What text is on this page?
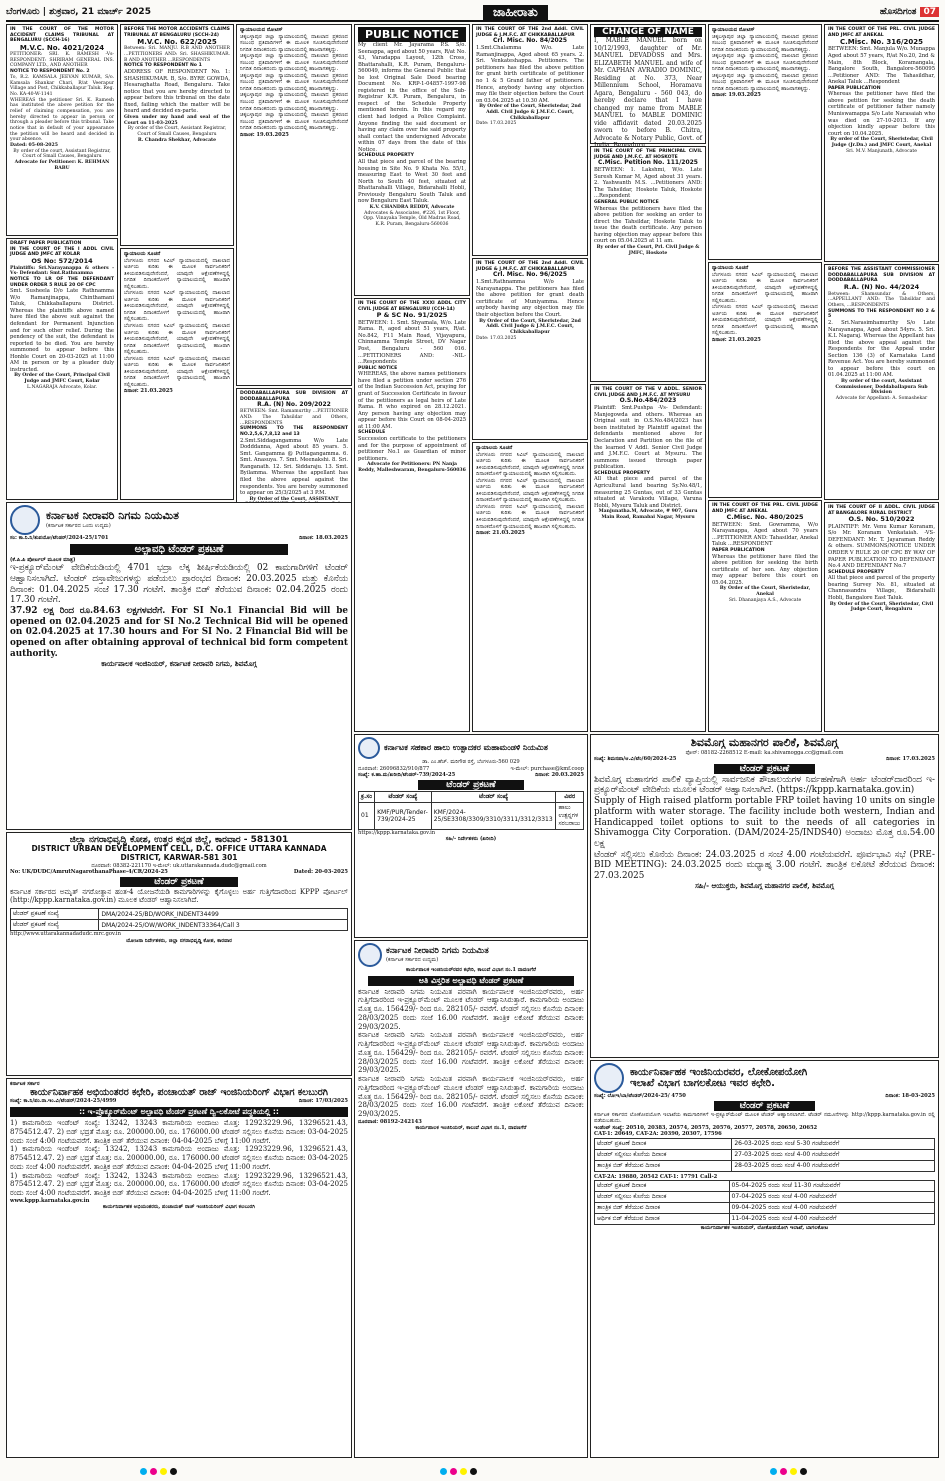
ಬೆಂಗಳೂರು | ಶುಕ್ರವಾರ, 21 ಮಾರ್ಚ್ 2025	ಜಾಹೀರಾತು	ಹೊಸದಿಗಂತ 07
IN THE COURT OF THE MOTOR ACCIDENT CLAIMS TRIBUNAL AT BENGALURU (SCCH-16)
M.V.C. No. 4021/2024
PETITIONER: SRI. K. RAMESH -Vs- RESPONDENT: SHRIRAM GENERAL INS. COMPANY LTD., AND ANOTHER
NOTICE TO RESPONDENT No. 2
To, R.2. KAMSALA JEEVAN KUMAR, S/o. Kamsala Shankar Chari, R/at Veerapur Village and Post, Chikkaballapur Taluk. Reg. No. KA-40-W-1141
WHEREAS the petitioner Sri. K. Ramesh has instituted the above petition for the relief of claiming compensation, you are hereby directed to appear in person or through a pleader before this tribunal. Take notice that in default of your appearance the petition will be heard and decided in your absence.
Dated: 05-08-2025
By order of the court, Assistant Registrar, Court of Small Causes, Bengaluru
Advocate for Petitioner: K. REHMAN BABU
DRAFT PAPER PUBLICATION
IN THE COURT OF THE I ADDL CIVIL JUDGE AND JMFC AT KOLAR
OS No: 572/2014
Plaintiffs: Sri.Narayanappa & others -Vs- Defendant: Smt.Rathnamma
NOTICE TO LR OF THE DEFENDANT UNDER ORDER 5 RULE 20 OF CPC
Smt. Susheela D/o Late Rathnamma W/o Ramanjinappa, Chinthamani Taluk, Chikkaballapura District. Whereas the plaintiffs above named have filed the above suit against the defendant for Permanent Injunction and for such other relief. During the pendency of the suit, the defendant is reported to be died. You are hereby summoned to appear before this Honble Court on 20-03-2025 at 11:00 AM in person or by a pleader duly instructed.
By Order of the Court, Principal Civil Judge and JMFC Court, Kolar
L.NAGARAJA Advocate, Kolar.
BEFORE THE MOTOR ACCIDENTS CLAIMS TRIBUNAL AT BENGALURU (SCCH-24)
M.V.C. No. 622/2025
Between: Sri. MANJU. R.B AND ANOTHER ...PETITIONERS AND: Sri. SHASHIKUMAR. B AND ANOTHER ...RESPONDENTS
NOTICE TO RESPONDENT No 1
ADDRESS OF RESPONDENT No. 1: SHASHIKUMAR. B, S/o. BYRE GOWDA, Hesaraghatta Road, Bengaluru. Take notice that you are hereby directed to appear before this tribunal on the date fixed, failing which the matter will be heard and decided ex-parte.
Given under my hand and seal of the Court on 11-03-2025
By order of the Court, Assistant Registrar, Court of Small Causes, Bengaluru
R. Chandra Shekhar, Advocate
ನ್ಯಾಯಾಲಯ ಸೂಚನೆ
ಬೆಂಗಳೂರು ನಗರದ ಸಿವಿಲ್ ನ್ಯಾಯಾಲಯದಲ್ಲಿ ದಾಖಲಾದ ಅರ್ಜಿಯ ಕುರಿತು ಈ ಮೂಲಕ ಸಾರ್ವಜನಿಕರಿಗೆ ತಿಳಿಯಪಡಿಸುವುದೇನೆಂದರೆ, ಯಾವುದೇ ಆಕ್ಷೇಪಣೆಗಳಿದ್ದಲ್ಲಿ ನಿಗದಿತ ದಿನಾಂಕದೊಳಗೆ ನ್ಯಾಯಾಲಯದಲ್ಲಿ ಹಾಜರಾಗಿ ಸಲ್ಲಿಸಬಹುದು.
ಬೆಂಗಳೂರು ನಗರದ ಸಿವಿಲ್ ನ್ಯಾಯಾಲಯದಲ್ಲಿ ದಾಖಲಾದ ಅರ್ಜಿಯ ಕುರಿತು ಈ ಮೂಲಕ ಸಾರ್ವಜನಿಕರಿಗೆ ತಿಳಿಯಪಡಿಸುವುದೇನೆಂದರೆ, ಯಾವುದೇ ಆಕ್ಷೇಪಣೆಗಳಿದ್ದಲ್ಲಿ ನಿಗದಿತ ದಿನಾಂಕದೊಳಗೆ ನ್ಯಾಯಾಲಯದಲ್ಲಿ ಹಾಜರಾಗಿ ಸಲ್ಲಿಸಬಹುದು.
ಬೆಂಗಳೂರು ನಗರದ ಸಿವಿಲ್ ನ್ಯಾಯಾಲಯದಲ್ಲಿ ದಾಖಲಾದ ಅರ್ಜಿಯ ಕುರಿತು ಈ ಮೂಲಕ ಸಾರ್ವಜನಿಕರಿಗೆ ತಿಳಿಯಪಡಿಸುವುದೇನೆಂದರೆ, ಯಾವುದೇ ಆಕ್ಷೇಪಣೆಗಳಿದ್ದಲ್ಲಿ ನಿಗದಿತ ದಿನಾಂಕದೊಳಗೆ ನ್ಯಾಯಾಲಯದಲ್ಲಿ ಹಾಜರಾಗಿ ಸಲ್ಲಿಸಬಹುದು.
ಬೆಂಗಳೂರು ನಗರದ ಸಿವಿಲ್ ನ್ಯಾಯಾಲಯದಲ್ಲಿ ದಾಖಲಾದ ಅರ್ಜಿಯ ಕುರಿತು ಈ ಮೂಲಕ ಸಾರ್ವಜನಿಕರಿಗೆ ತಿಳಿಯಪಡಿಸುವುದೇನೆಂದರೆ, ಯಾವುದೇ ಆಕ್ಷೇಪಣೆಗಳಿದ್ದಲ್ಲಿ ನಿಗದಿತ ದಿನಾಂಕದೊಳಗೆ ನ್ಯಾಯಾಲಯದಲ್ಲಿ ಹಾಜರಾಗಿ ಸಲ್ಲಿಸಬಹುದು.
ದಿನಾಂಕ: 21.03.2025
ನ್ಯಾಯಾಲಯದ ನೋಟಿಸ್
ಚಿಕ್ಕಬಳ್ಳಾಪುರ ಜಿಲ್ಲಾ ನ್ಯಾಯಾಲಯದಲ್ಲಿ ದಾಖಲಾದ ಪ್ರಕರಣದ ಸಂಬಂಧ ಪ್ರತಿವಾದಿಗಳಿಗೆ ಈ ಮೂಲಕ ಸೂಚಿಸುವುದೇನೆಂದರೆ ನಿಗದಿತ ದಿನಾಂಕದಂದು ನ್ಯಾಯಾಲಯದಲ್ಲಿ ಹಾಜರಾಗತಕ್ಕದ್ದು.
ಚಿಕ್ಕಬಳ್ಳಾಪುರ ಜಿಲ್ಲಾ ನ್ಯಾಯಾಲಯದಲ್ಲಿ ದಾಖಲಾದ ಪ್ರಕರಣದ ಸಂಬಂಧ ಪ್ರತಿವಾದಿಗಳಿಗೆ ಈ ಮೂಲಕ ಸೂಚಿಸುವುದೇನೆಂದರೆ ನಿಗದಿತ ದಿನಾಂಕದಂದು ನ್ಯಾಯಾಲಯದಲ್ಲಿ ಹಾಜರಾಗತಕ್ಕದ್ದು.
ಚಿಕ್ಕಬಳ್ಳಾಪುರ ಜಿಲ್ಲಾ ನ್ಯಾಯಾಲಯದಲ್ಲಿ ದಾಖಲಾದ ಪ್ರಕರಣದ ಸಂಬಂಧ ಪ್ರತಿವಾದಿಗಳಿಗೆ ಈ ಮೂಲಕ ಸೂಚಿಸುವುದೇನೆಂದರೆ ನಿಗದಿತ ದಿನಾಂಕದಂದು ನ್ಯಾಯಾಲಯದಲ್ಲಿ ಹಾಜರಾಗತಕ್ಕದ್ದು.
ಚಿಕ್ಕಬಳ್ಳಾಪುರ ಜಿಲ್ಲಾ ನ್ಯಾಯಾಲಯದಲ್ಲಿ ದಾಖಲಾದ ಪ್ರಕರಣದ ಸಂಬಂಧ ಪ್ರತಿವಾದಿಗಳಿಗೆ ಈ ಮೂಲಕ ಸೂಚಿಸುವುದೇನೆಂದರೆ ನಿಗದಿತ ದಿನಾಂಕದಂದು ನ್ಯಾಯಾಲಯದಲ್ಲಿ ಹಾಜರಾಗತಕ್ಕದ್ದು.
ಚಿಕ್ಕಬಳ್ಳಾಪುರ ಜಿಲ್ಲಾ ನ್ಯಾಯಾಲಯದಲ್ಲಿ ದಾಖಲಾದ ಪ್ರಕರಣದ ಸಂಬಂಧ ಪ್ರತಿವಾದಿಗಳಿಗೆ ಈ ಮೂಲಕ ಸೂಚಿಸುವುದೇನೆಂದರೆ ನಿಗದಿತ ದಿನಾಂಕದಂದು ನ್ಯಾಯಾಲಯದಲ್ಲಿ ಹಾಜರಾಗತಕ್ಕದ್ದು.
ದಿನಾಂಕ: 19.03.2025
DODDABALLAPURA SUB DIVISION AT DODDABALLAPURA
R.A. (N) No. 209/2022
BETWEEN: Smt. Ramamurthy ...PETITIONER AND: The Tahsildar and Others, ...RESPONDENTS
SUMMONS TO THE RESPONDENT NO.2,5,6,7,8,12 and 13
2.Smt.Siddagangamma W/o Late Dodddanna, Aged about 85 years. 5. Smt. Gangamma @ Puttagangamma. 6. Smt. Anasuya. 7. Smt. Meenakshi. 8. Sri. Ranganath. 12. Sri. Siddaraju. 13. Smt. Byilamma. Whereas the appellant has filed the above appeal against the respondents. You are hereby summoned to appear on 25/3/2025 at 3 P.M.
By Order of the Court, ASSISTANT
PUBLIC NOTICE
My client Mr. Jayarama P.S. S/o. Seenappa, aged about 50 years, R/at No. 43, Varadappa Layout, 12th Cross, Bhattarahalli, K.R. Puram, Bengaluru-560049, informs the General Public that he lost Original Sale Deed bearing Document No. KRP-1-04857-1997-98 registered in the office of the Sub-Registrar K.R. Puram, Bengaluru, in respect of the Schedule Property mentioned herein. In this regard my client had lodged a Police Complaint. Anyone finding the said document or having any claim over the said property shall contact the undersigned Advocate within 07 days from the date of this Notice.
SCHEDULE PROPERTY
All that piece and parcel of the bearing housing in Site No. 9 Khata No. 55/1, measuring East to West 30 feet and North to South 40 feet, situated at Bhattarahalli Village, Bidarahalli Hobli, Previously Bengaluru South Taluk and now Bengaluru East Taluk.
K.V. CHANDRA REDDY, Advocate
Advocates & Associates, #226, 1st Floor, Opp. Vinayaka Temple, Old Madras Road, K.R. Puram, Bengaluru-560036
IN THE COURT OF THE XXXI ADDL CITY CIVIL JUDGE AT BENGALURU (CCH-14)
P & SC No. 91/2025
BETWEEN: 1. Smt. Shyamala, W/o. Late Rama. R, aged about 51 years, R/at. No.842, F11 Main Road, Vijayapura, Chinnamma Temple Street, DV Nagar Post, Bengaluru - 560 016. ...PETITIONERS AND: -NIL- ...Respondents
PUBLIC NOTICE
WHEREAS, the above names petitioners have filed a petition under section 276 of the Indian Succession Act, praying for grant of Succession Certificate in favour of the petitioners as legal heirs of Late Rama. R who expired on 28.12.2021. Any person having any objection may appear before this Court on 08-04-2025 at 11:00 AM.
SCHEDULE
Succession certificate to the petitioners and for the purpose of appointment of petitioner No.1 as Guardian of minor petitioners.
Advocate for Petitioners: PN Nanja Reddy, Malleshwaram, Bengaluru-560036
IN THE COURT OF THE 2nd Addl. CIVIL JUDGE & J.M.F.C. AT CHIKKABALLAPUR
Crl. Misc. No. 84/2025
1.Smt.Chalamma W/o. Late Ramanjinappa, Aged about 65 years. 2. Sri. Venkateshappa. Petitioners. The petitioners has filed the above petition for grant birth certificate of petitioner no 1 & 5 Grand father of petitioners. Hence, anybody having any objection may file their objection before the Court on 03.04.2025 at 10.30 AM.
By Order of the Court, Sheristedar, 2nd Addl. Civil Judge & J.M.F.C. Court, Chikkaballapur
Date: 17.03.2025
IN THE COURT OF THE 2nd Addl. CIVIL JUDGE & J.M.F.C. AT CHIKKABALLAPUR
Crl. Misc. No. 96/2025
1.Smt.Rathnamma W/o Late Narayanappa. The petitioners has filed the above petition for grant death certificate of Muniyamma. Hence anybody having any objection may file their objection before the Court.
By Order of the Court, Sheristedar, 2nd Addl. Civil Judge & J.M.F.C. Court, Chikkaballapur
Date: 17.03.2025
ನ್ಯಾಯಾಲಯ ಸೂಚನೆ
ಬೆಂಗಳೂರು ನಗರದ ಸಿವಿಲ್ ನ್ಯಾಯಾಲಯದಲ್ಲಿ ದಾಖಲಾದ ಅರ್ಜಿಯ ಕುರಿತು ಈ ಮೂಲಕ ಸಾರ್ವಜನಿಕರಿಗೆ ತಿಳಿಯಪಡಿಸುವುದೇನೆಂದರೆ, ಯಾವುದೇ ಆಕ್ಷೇಪಣೆಗಳಿದ್ದಲ್ಲಿ ನಿಗದಿತ ದಿನಾಂಕದೊಳಗೆ ನ್ಯಾಯಾಲಯದಲ್ಲಿ ಹಾಜರಾಗಿ ಸಲ್ಲಿಸಬಹುದು.
ಬೆಂಗಳೂರು ನಗರದ ಸಿವಿಲ್ ನ್ಯಾಯಾಲಯದಲ್ಲಿ ದಾಖಲಾದ ಅರ್ಜಿಯ ಕುರಿತು ಈ ಮೂಲಕ ಸಾರ್ವಜನಿಕರಿಗೆ ತಿಳಿಯಪಡಿಸುವುದೇನೆಂದರೆ, ಯಾವುದೇ ಆಕ್ಷೇಪಣೆಗಳಿದ್ದಲ್ಲಿ ನಿಗದಿತ ದಿನಾಂಕದೊಳಗೆ ನ್ಯಾಯಾಲಯದಲ್ಲಿ ಹಾಜರಾಗಿ ಸಲ್ಲಿಸಬಹುದು.
ಬೆಂಗಳೂರು ನಗರದ ಸಿವಿಲ್ ನ್ಯಾಯಾಲಯದಲ್ಲಿ ದಾಖಲಾದ ಅರ್ಜಿಯ ಕುರಿತು ಈ ಮೂಲಕ ಸಾರ್ವಜನಿಕರಿಗೆ ತಿಳಿಯಪಡಿಸುವುದೇನೆಂದರೆ, ಯಾವುದೇ ಆಕ್ಷೇಪಣೆಗಳಿದ್ದಲ್ಲಿ ನಿಗದಿತ ದಿನಾಂಕದೊಳಗೆ ನ್ಯಾಯಾಲಯದಲ್ಲಿ ಹಾಜರಾಗಿ ಸಲ್ಲಿಸಬಹುದು.
ದಿನಾಂಕ: 21.03.2025
CHANGE OF NAME
I, MABLE MANUEL born on 10/12/1993, daughter of Mr. MANUEL DEVADOSS and Mrs. ELIZABETH MANUEL and wife of Mr. CAPHAN AVRADIO DOMINIC, Residing at No. 373, Near Millennium School, Horamavu Agara, Bengaluru - 560 043, do hereby declare that I have changed my name from MABLE MANUEL to MABLE DOMINIC vide affidavit dated 20.03.2025 sworn to before B. Chitra, Advocate & Notary Public, Govt. of
IN THE COURT OF THE PRINCIPAL CIVIL JUDGE AND J.M.F.C. AT HOSKOTE
C.Misc. Petition No. 111/2025
BETWEEN: 1. Lakshmi, W/o. Late Suresh Kumar M, Aged about 31 years. 2. Yashwanth M.S. ...Petitioners AND: The Tahsildar, Hoskote Taluk, Hoskote ...Respondent
GENERAL PUBLIC NOTICE
Whereas the petitioners have filed the above petition for seeking an order to direct the Tahsildar, Hoskote Taluk to issue the death certificate. Any person having objection may appear before this court on 05.04.2025 at 11 am.
By order of the Court, Prl. Civil Judge & JMFC, Hoskote
IN THE COURT OF THE V ADDL. SENIOR CIVIL JUDGE AND J.M.F.C. AT MYSURU
O.S.No.484/2023
Plaintiff: Smt.Pushpa -Vs- Defendant: Manjegowda and others. Whereas an Original suit in O.S.No.484/2023 has been instituted by Plaintiff against the defendants mentioned above for Declaration and Partition on the file of the learned V Addl. Senior Civil Judge and J.M.F.C. Court at Mysuru. The summons issued through paper publication.
SCHEDULE PROPERTY
All that piece and parcel of the Agricultural land bearing Sy.No.48/1, measuring 25 Guntas, out of 33 Guntas situated at Varakodu Village, Varuna Hobli, Mysuru Taluk and District.
Manjunatha.M, Advocate, # 907, Guru Main Road, Ramabai Nagar, Mysuru
ನ್ಯಾಯಾಲಯದ ನೋಟಿಸ್
ಚಿಕ್ಕಬಳ್ಳಾಪುರ ಜಿಲ್ಲಾ ನ್ಯಾಯಾಲಯದಲ್ಲಿ ದಾಖಲಾದ ಪ್ರಕರಣದ ಸಂಬಂಧ ಪ್ರತಿವಾದಿಗಳಿಗೆ ಈ ಮೂಲಕ ಸೂಚಿಸುವುದೇನೆಂದರೆ ನಿಗದಿತ ದಿನಾಂಕದಂದು ನ್ಯಾಯಾಲಯದಲ್ಲಿ ಹಾಜರಾಗತಕ್ಕದ್ದು.
ಚಿಕ್ಕಬಳ್ಳಾಪುರ ಜಿಲ್ಲಾ ನ್ಯಾಯಾಲಯದಲ್ಲಿ ದಾಖಲಾದ ಪ್ರಕರಣದ ಸಂಬಂಧ ಪ್ರತಿವಾದಿಗಳಿಗೆ ಈ ಮೂಲಕ ಸೂಚಿಸುವುದೇನೆಂದರೆ ನಿಗದಿತ ದಿನಾಂಕದಂದು ನ್ಯಾಯಾಲಯದಲ್ಲಿ ಹಾಜರಾಗತಕ್ಕದ್ದು.
ಚಿಕ್ಕಬಳ್ಳಾಪುರ ಜಿಲ್ಲಾ ನ್ಯಾಯಾಲಯದಲ್ಲಿ ದಾಖಲಾದ ಪ್ರಕರಣದ ಸಂಬಂಧ ಪ್ರತಿವಾದಿಗಳಿಗೆ ಈ ಮೂಲಕ ಸೂಚಿಸುವುದೇನೆಂದರೆ ನಿಗದಿತ ದಿನಾಂಕದಂದು ನ್ಯಾಯಾಲಯದಲ್ಲಿ ಹಾಜರಾಗತಕ್ಕದ್ದು.
ದಿನಾಂಕ: 19.03.2025
ನ್ಯಾಯಾಲಯ ಸೂಚನೆ
ಬೆಂಗಳೂರು ನಗರದ ಸಿವಿಲ್ ನ್ಯಾಯಾಲಯದಲ್ಲಿ ದಾಖಲಾದ ಅರ್ಜಿಯ ಕುರಿತು ಈ ಮೂಲಕ ಸಾರ್ವಜನಿಕರಿಗೆ ತಿಳಿಯಪಡಿಸುವುದೇನೆಂದರೆ, ಯಾವುದೇ ಆಕ್ಷೇಪಣೆಗಳಿದ್ದಲ್ಲಿ ನಿಗದಿತ ದಿನಾಂಕದೊಳಗೆ ನ್ಯಾಯಾಲಯದಲ್ಲಿ ಹಾಜರಾಗಿ ಸಲ್ಲಿಸಬಹುದು.
ಬೆಂಗಳೂರು ನಗರದ ಸಿವಿಲ್ ನ್ಯಾಯಾಲಯದಲ್ಲಿ ದಾಖಲಾದ ಅರ್ಜಿಯ ಕುರಿತು ಈ ಮೂಲಕ ಸಾರ್ವಜನಿಕರಿಗೆ ತಿಳಿಯಪಡಿಸುವುದೇನೆಂದರೆ, ಯಾವುದೇ ಆಕ್ಷೇಪಣೆಗಳಿದ್ದಲ್ಲಿ ನಿಗದಿತ ದಿನಾಂಕದೊಳಗೆ ನ್ಯಾಯಾಲಯದಲ್ಲಿ ಹಾಜರಾಗಿ ಸಲ್ಲಿಸಬಹುದು.
ದಿನಾಂಕ: 21.03.2025
IN THE COURT OF THE PRL. CIVIL JUDGE AND JMFC AT ANEKAL
C.Misc. No. 480/2025
BETWEEN: Smt. Gowramma, W/o Narayanappa, Aged about 70 years ...PETITIONER AND: Tahasildar, Anekal Taluk ...RESPONDENT
PAPER PUBLICATION
Whereas the petitioner have filed the above petition for seeking the birth certificate of her son. Any objection may appear before this court on 05.04.2025.
By Order of the Court, Sheristedar, Anekal
Sri. Dhananjaya A.S., Advocate
IN THE COURT OF THE PRL. CIVIL JUDGE AND JMFC AT ANEKAL
C.Misc. No. 316/2025
BETWEEN: Smt. Manjula W/o. Munappa Aged about 57 years, R/at No.20, 2nd & Main, 8th Block, Koramangala, Bangalore South, Bangalore-560095 ...Petitioner AND: The Tahasildhar, Anekal Taluk ...Respondent
PAPER PUBLICATION
Whereas the petitioner have filed the above petition for seeking the death certificate of petitioner father namely Muniswamappa S/o Late Narasaiah who was died on 27-10-2013. If any objection kindly appear before this court on 10.04.2025.
By order of the Court, Sheristedar, Civil Judge (Jr.Dn.) and JMFC Court, Anekal
Sri. M.V. Manjunath, Advocate
BEFORE THE ASSISTANT COMMISSIONER DODDABALLAPURA SUB DIVISION AT DODDABALLAPURA
R.A. (N) No. 44/2024
Between: Shamsundar & Others, ...APPELLANT AND: The Tahsildar and Others, ...RESPONDENTS
SUMMONS TO THE RESPONDENT NO 2 & 5
2. Sri.Narasimhamurthy S/o Late Narayanappa, Aged about 54yrs. 5. Sri. K.L Nagaraj. Whereas the Appellant has filed the above appeal against the Respondents for the Appeal under Section 136 (3) of Karnataka Land Revenue Act. You are hereby summoned to appear before this court on 01.04.2025 at 11:00 AM.
By order of the court, Assistant Commissioner, Doddaballapura Sub Division
Advocate for Appellant: A. Somashekar
IN THE COURT OF II ADDL. CIVIL JUDGE AT BANGALORE RURAL DISTRICT
O.S. No. 510/2022
PLAINTIFF: Mr. Venu Kumar Koranam, S/o Mr. Koranam Venkataiah. -VS- DEFENDANT: Mr. T. Jayaraman Reddy & others. SUMMONS/NOTICE UNDER ORDER V RULE 20 OF CPC BY WAY OF PAPER PUBLICATION TO DEFENDANT No.4 AND DEFENDANT No.7
SCHEDULE PROPERTY
All that piece and parcel of the property bearing Survey No. 81, situated at Channasandra Village, Bidarahalli Hobli, Bangalore East Taluk.
By Order of the Court, Sheristedar, Civil Judge Court, Bengaluru
ಕರ್ನಾಟಕ ನೀರಾವರಿ ನಿಗಮ ನಿಯಮಿತ
(ಕರ್ನಾಟಕ ಸರ್ಕಾರದ ಒಂದು ಉದ್ಯಮ)
ಸಂ: ಕಾ.ನಿ.ನಿ/ತುಪಯೋ/ಟೆಂಡರ್/2024-25/1701	ದಿನಾಂಕ: 18.03.2025
ಅಲ್ಪಾವಧಿ ಟೆಂಡರ್ ಪ್ರಕಟಣೆ
(ಕೆ.ಪಿ.ಪಿ ಪೋರ್ಟಲ್ ಮೂಲಕ ಮಾತ್ರ)
ಇ-ಪ್ರಕ್ಯೂರ್‌ಮೆಂಟ್ ವೇದಿಕೆಯಡಿಯಲ್ಲಿ 4701 ಭದ್ರಾ ಲೆಕ್ಕ ಶೀರ್ಷಿಕೆಯಡಿಯಲ್ಲಿ 02 ಕಾಮಗಾರಿಗಳಿಗೆ ಟೆಂಡರ್ ಆಹ್ವಾನಿಸಲಾಗಿದೆ. ಟೆಂಡರ್ ದಸ್ತಾವೇಜುಗಳನ್ನು ಪಡೆಯಲು ಪ್ರಾರಂಭದ ದಿನಾಂಕ: 20.03.2025 ಮತ್ತು ಕೊನೆಯ ದಿನಾಂಕ: 01.04.2025 ಸಂಜೆ 17.30 ಗಂಟೆಗೆ. ತಾಂತ್ರಿಕ ಬಿಡ್ ತೆರೆಯುವ ದಿನಾಂಕ: 02.04.2025 ರಂದು 17.30 ಗಂಟೆಗೆ.
37.92 ಲಕ್ಷ ರಿಂದ ರೂ.84.63 ಲಕ್ಷಗಳವರೆಗೆ. For SI No.1 Financial Bid will be opened on 02.04.2025 and for SI No.2 Technical Bid will be opened on 02.04.2025 at 17.30 hours and For SI No. 2 Financial Bid will be opened on after obtaining approval of technical bid form competent authority.
ಕಾರ್ಯಪಾಲಕ ಇಂಜಿನಿಯರ್, ಕರ್ನಾಟಕ ನೀರಾವರಿ ನಿಗಮ, ಶಿವಮೊಗ್ಗ
ಕರ್ನಾಟಕ ಸಹಕಾರ ಹಾಲು ಉತ್ಪಾದಕರ ಮಹಾಮಂಡಳಿ ನಿಯಮಿತ
ಡಾ. ಎಂ.ಹೆಚ್. ಮರಿಗೌಡ ರಸ್ತೆ, ಬೆಂಗಳೂರು-560 029
ದೂರವಾಣಿ: 26096832/910/877	ಇ-ಮೇಲ್: purchase@kmf.coop
ಸಂಖ್ಯೆ: ಕ.ಹಾ.ಮ/ಖರೀದಿ/ಟೆಂಡರ್-739/2024-25	ದಿನಾಂಕ: 20.03.2025
ಟೆಂಡರ್ ಪ್ರಕಟಣೆ
ಕ್ರ.ಸಂ	ಟೆಂಡರ್ ಸಂಖ್ಯೆ	ಟೆಂಡರ್ ಸಂಖ್ಯೆ	ವಿವರ
01	KMF/PUR/Tender-739/2024-25	KMF/2024-25/SE3308/3309/3310/3311/3312/3313	ಹಾಲು ಉತ್ಪನ್ನಗಳ ಸರಬರಾಜು
https://kppp.karnataka.gov.in
ಸಹಿ/- ನಿರ್ದೇಶಕರು (ಖರೀದಿ)
ಶಿವಮೊಗ್ಗ ಮಹಾನಗರ ಪಾಲಿಕೆ, ಶಿವಮೊಗ್ಗ
ಫೋನ್: 08182-2268512 E-mail: ka.shivamogga.cc@gmail.com
ಸಂಖ್ಯೆ: ಶಿಮನಪಾ/ಆ.ವಿ/ಟೆಂ/60/2024-25	ದಿನಾಂಕ: 17.03.2025
ಟೆಂಡರ್ ಪ್ರಕಟಣೆ
ಶಿವಮೊಗ್ಗ ಮಹಾನಗರ ಪಾಲಿಕೆ ವ್ಯಾಪ್ತಿಯಲ್ಲಿ ಸಾರ್ವಜನಿಕ ಶೌಚಾಲಯಗಳ ನಿರ್ವಹಣೆಗಾಗಿ ಅರ್ಹ ಟೆಂಡರ್‌ದಾರರಿಂದ ಇ-ಪ್ರಕ್ಯೂರ್‌ಮೆಂಟ್ ವೇದಿಕೆಯ ಮೂಲಕ ಟೆಂಡರ್ ಆಹ್ವಾನಿಸಲಾಗಿದೆ. (https://kppp.karnataka.gov.in)
Supply of High raised platform portable FRP toilet having 10 units on single platform with water storage. The facility include both western, Indian and Handicapped toilet options to suit to the needs of all categories in Shivamogga City Corporation. (DAM/2024-25/INDS40) ಅಂದಾಜು ಮೊತ್ತ ರೂ.54.00 ಲಕ್ಷ
ಟೆಂಡರ್ ಸಲ್ಲಿಸಲು ಕೊನೆಯ ದಿನಾಂಕ: 24.03.2025 ರ ಸಂಜೆ 4.00 ಗಂಟೆಯವರೆಗೆ. ಪೂರ್ವಭಾವಿ ಸಭೆ (PRE-BID MEETING): 24.03.2025 ರಂದು ಮಧ್ಯಾಹ್ನ 3.00 ಗಂಟೆಗೆ. ತಾಂತ್ರಿಕ ಲಕೋಟೆ ತೆರೆಯುವ ದಿನಾಂಕ: 27.03.2025
ಸಹಿ/- ಆಯುಕ್ತರು, ಶಿವಮೊಗ್ಗ ಮಹಾನಗರ ಪಾಲಿಕೆ, ಶಿವಮೊಗ್ಗ
ಜಿಲ್ಲಾ ನಗರಾಭಿವೃದ್ಧಿ ಕೋಶ, ಉತ್ತರ ಕನ್ನಡ ಜಿಲ್ಲೆ, ಕಾರವಾರ - 581301
DISTRICT URBAN DEVELOPMENT CELL, D.C. OFFICE UTTARA KANNADA DISTRICT, KARWAR-581 301
ದೂರವಾಣಿ: 08382-221170 ಇ-ಮೇಲ್: uk.uttarakannada.dudc@gmail.com
No: UK/DUDC/AmrutNagarothanaPhase-4/CR/2024-25	Dated: 20-03-2025
ಟೆಂಡರ್ ಪ್ರಕಟಣೆ
ಕರ್ನಾಟಕ ಸರ್ಕಾರದ ಅಮೃತ್ ನಗರೋತ್ಥಾನ ಹಂತ-4 ಯೋಜನೆಯಡಿ ಕಾಮಗಾರಿಗಳನ್ನು ಕೈಗೊಳ್ಳಲು ಅರ್ಹ ಗುತ್ತಿಗೆದಾರರಿಂದ KPPP ಪೋರ್ಟಲ್ (http://kppp.karnataka.gov.in) ಮೂಲಕ ಟೆಂಡರ್ ಆಹ್ವಾನಿಸಲಾಗಿದೆ.
ಟೆಂಡರ್ ಪ್ರಕಟಣೆ ಸಂಖ್ಯೆ	DMA/2024-25/BD/WORK_INDENT34499
ಟೆಂಡರ್ ಪ್ರಕಟಣೆ ಸಂಖ್ಯೆ	DMA/2024-25/OW/WORK_INDENT33364/Call 3
http://www.uttarakannadadudc.mrc.gov.in
ಯೋಜನಾ ನಿರ್ದೇಶಕರು, ಜಿಲ್ಲಾ ನಗರಾಭಿವೃದ್ಧಿ ಕೋಶ, ಕಾರವಾರ
ಕರ್ನಾಟಕ ನೀರಾವರಿ ನಿಗಮ ನಿಯಮಿತ
(ಕರ್ನಾಟಕ ಸರ್ಕಾರದ ಉದ್ಯಮ)
ಕಾರ್ಯಪಾಲಕ ಇಂಜಿನಿಯರ್‌ರವರ ಕಛೇರಿ, ಕಾಲುವೆ ವಿಭಾಗ ನಂ.1 ದಾವಣಗೆರೆ
ಅತಿ ವಿಸ್ತರಿತ ಅಲ್ಪಾವಧಿ ಟೆಂಡರ್ ಪ್ರಕಟಣೆ
ಕರ್ನಾಟಕ ನೀರಾವರಿ ನಿಗಮ ನಿಯಮಿತ ಪರವಾಗಿ ಕಾರ್ಯಪಾಲಕ ಇಂಜಿನಿಯರ್‌ರವರು, ಅರ್ಹ ಗುತ್ತಿಗೆದಾರರಿಂದ ಇ-ಪ್ರಕ್ಯೂರ್‌ಮೆಂಟ್ ಮೂಲಕ ಟೆಂಡರ್ ಆಹ್ವಾನಿಸಿರುತ್ತಾರೆ. ಕಾಮಗಾರಿಯ ಅಂದಾಜು ಮೊತ್ತ ರೂ. 156429/- ರಿಂದ ರೂ. 282105/- ರವರೆಗೆ. ಟೆಂಡರ್ ಸಲ್ಲಿಸಲು ಕೊನೆಯ ದಿನಾಂಕ: 28/03/2025 ರಂದು ಸಂಜೆ 16.00 ಗಂಟೆವರೆಗೆ. ತಾಂತ್ರಿಕ ಲಕೋಟೆ ತೆರೆಯುವ ದಿನಾಂಕ: 29/03/2025.
ಕರ್ನಾಟಕ ನೀರಾವರಿ ನಿಗಮ ನಿಯಮಿತ ಪರವಾಗಿ ಕಾರ್ಯಪಾಲಕ ಇಂಜಿನಿಯರ್‌ರವರು, ಅರ್ಹ ಗುತ್ತಿಗೆದಾರರಿಂದ ಇ-ಪ್ರಕ್ಯೂರ್‌ಮೆಂಟ್ ಮೂಲಕ ಟೆಂಡರ್ ಆಹ್ವಾನಿಸಿರುತ್ತಾರೆ. ಕಾಮಗಾರಿಯ ಅಂದಾಜು ಮೊತ್ತ ರೂ. 156429/- ರಿಂದ ರೂ. 282105/- ರವರೆಗೆ. ಟೆಂಡರ್ ಸಲ್ಲಿಸಲು ಕೊನೆಯ ದಿನಾಂಕ: 28/03/2025 ರಂದು ಸಂಜೆ 16.00 ಗಂಟೆವರೆಗೆ. ತಾಂತ್ರಿಕ ಲಕೋಟೆ ತೆರೆಯುವ ದಿನಾಂಕ: 29/03/2025.
ಕರ್ನಾಟಕ ನೀರಾವರಿ ನಿಗಮ ನಿಯಮಿತ ಪರವಾಗಿ ಕಾರ್ಯಪಾಲಕ ಇಂಜಿನಿಯರ್‌ರವರು, ಅರ್ಹ ಗುತ್ತಿಗೆದಾರರಿಂದ ಇ-ಪ್ರಕ್ಯೂರ್‌ಮೆಂಟ್ ಮೂಲಕ ಟೆಂಡರ್ ಆಹ್ವಾನಿಸಿರುತ್ತಾರೆ. ಕಾಮಗಾರಿಯ ಅಂದಾಜು ಮೊತ್ತ ರೂ. 156429/- ರಿಂದ ರೂ. 282105/- ರವರೆಗೆ. ಟೆಂಡರ್ ಸಲ್ಲಿಸಲು ಕೊನೆಯ ದಿನಾಂಕ: 28/03/2025 ರಂದು ಸಂಜೆ 16.00 ಗಂಟೆವರೆಗೆ. ತಾಂತ್ರಿಕ ಲಕೋಟೆ ತೆರೆಯುವ ದಿನಾಂಕ: 29/03/2025.
ದೂರವಾಣಿ: 08192-242143
ಕಾರ್ಯಪಾಲಕ ಇಂಜಿನಿಯರ್, ಕಾಲುವೆ ವಿಭಾಗ ನಂ.1, ದಾವಣಗೆರೆ
ಕರ್ನಾಟಕ ಸರ್ಕಾರ
ಕಾರ್ಯನಿರ್ವಾಹಕ ಅಭಿಯಂತರರ ಕಛೇರಿ, ಪಂಚಾಯತ್ ರಾಜ್ ಇಂಜಿನಿಯರಿಂಗ್ ವಿಭಾಗ ಕಲಬುರಗಿ
ಸಂಖ್ಯೆ: ಕಾ.ನಿ/ಪಂ.ರಾ.ಇಂ.ವಿ/ಟೆಂಡರ್/2024-25/4999	ದಿನಾಂಕ: 17/03/2025
:: ಇ-ಪ್ರೊಕ್ಯೂರ್‌ಮೆಂಟ್ ಅಲ್ಪಾವಧಿ ಟೆಂಡರ್ ಪ್ರಕಟಣೆ ದ್ವಿ-ಲಕೋಟೆ ಪದ್ಧತಿಯಲ್ಲಿ ::
1) ಕಾಮಗಾರಿಯ ಇಂಡೆಂಟ್ ಸಂಖ್ಯೆ: 13242, 13243 ಕಾಮಗಾರಿಯ ಅಂದಾಜು ಮೊತ್ತ: 12923229.96, 13296521.43, 8754512.47. 2) ಬಿಡ್ ಭದ್ರತೆ ಮೊತ್ತ: ರೂ. 200000.00, ರೂ. 176000.00 ಟೆಂಡರ್ ಸಲ್ಲಿಸಲು ಕೊನೆಯ ದಿನಾಂಕ: 03-04-2025 ರಂದು ಸಂಜೆ 4:00 ಗಂಟೆಯವರೆಗೆ. ತಾಂತ್ರಿಕ ಬಿಡ್ ತೆರೆಯುವ ದಿನಾಂಕ: 04-04-2025 ಬೆಳಿಗ್ಗೆ 11:00 ಗಂಟೆಗೆ.
1) ಕಾಮಗಾರಿಯ ಇಂಡೆಂಟ್ ಸಂಖ್ಯೆ: 13242, 13243 ಕಾಮಗಾರಿಯ ಅಂದಾಜು ಮೊತ್ತ: 12923229.96, 13296521.43, 8754512.47. 2) ಬಿಡ್ ಭದ್ರತೆ ಮೊತ್ತ: ರೂ. 200000.00, ರೂ. 176000.00 ಟೆಂಡರ್ ಸಲ್ಲಿಸಲು ಕೊನೆಯ ದಿನಾಂಕ: 03-04-2025 ರಂದು ಸಂಜೆ 4:00 ಗಂಟೆಯವರೆಗೆ. ತಾಂತ್ರಿಕ ಬಿಡ್ ತೆರೆಯುವ ದಿನಾಂಕ: 04-04-2025 ಬೆಳಿಗ್ಗೆ 11:00 ಗಂಟೆಗೆ.
1) ಕಾಮಗಾರಿಯ ಇಂಡೆಂಟ್ ಸಂಖ್ಯೆ: 13242, 13243 ಕಾಮಗಾರಿಯ ಅಂದಾಜು ಮೊತ್ತ: 12923229.96, 13296521.43, 8754512.47. 2) ಬಿಡ್ ಭದ್ರತೆ ಮೊತ್ತ: ರೂ. 200000.00, ರೂ. 176000.00 ಟೆಂಡರ್ ಸಲ್ಲಿಸಲು ಕೊನೆಯ ದಿನಾಂಕ: 03-04-2025 ರಂದು ಸಂಜೆ 4:00 ಗಂಟೆಯವರೆಗೆ. ತಾಂತ್ರಿಕ ಬಿಡ್ ತೆರೆಯುವ ದಿನಾಂಕ: 04-04-2025 ಬೆಳಿಗ್ಗೆ 11:00 ಗಂಟೆಗೆ.
www.kppp.karnataka.gov.in
ಕಾರ್ಯನಿರ್ವಾಹಕ ಅಭಿಯಂತರರು, ಪಂಚಾಯತ್ ರಾಜ್ ಇಂಜಿನಿಯರಿಂಗ್ ವಿಭಾಗ ಕಲಬುರಗಿ
ಕಾರ್ಯನಿರ್ವಾಹಕ ಇಂಜಿನಿಯರವರ, ಲೋಕೋಪಯೋಗಿ
ಇಲಾಖೆ ವಿಭಾಗ ಬಾಗಲಕೋಟ ಇವರ ಕಛೇರಿ.
ಸಂಖ್ಯೆ: ಲೋಇ/ಬಾ/ಟೆಂಡರ್/2024-25/ 4750	ದಿನಾಂಕ: 18-03-2025
ಟೆಂಡರ್ ಪ್ರಕಟಣೆ
ಕರ್ನಾಟಕ ಸರ್ಕಾರದ ಲೋಕೋಪಯೋಗಿ ಇಲಾಖೆಯ ಕಾಮಗಾರಿಗಳಿಗೆ ಇ-ಪ್ರಕ್ಯೂರ್‌ಮೆಂಟ್ ಮೂಲಕ ಟೆಂಡರ್ ಆಹ್ವಾನಿಸಲಾಗಿದೆ. ಟೆಂಡರ್ ನಮೂನೆಗಳನ್ನು http://kppp.karnataka.gov.in ರಲ್ಲಿ ಪಡೆಯಬಹುದು.
ಇಂಡೆಂಟ್ ಸಂಖ್ಯೆ: 20510, 20383, 20574, 20575, 20576, 20577, 20578, 20650, 20652
CAT-1: 20649, CAT-2A: 20390, 20307, 17596
ಟೆಂಡರ್ ಪ್ರಕಟಣೆ ದಿನಾಂಕ	26-03-2025 ರಂದು ಸಂಜೆ 5-30 ಗಂಟೆಯವರೆಗೆ
ಟೆಂಡರ್ ಸಲ್ಲಿಸಲು ಕೊನೆಯ ದಿನಾಂಕ	27-03-2025 ರಂದು ಸಂಜೆ 4-00 ಗಂಟೆಯವರೆಗೆ
ತಾಂತ್ರಿಕ ಬಿಡ್ ತೆರೆಯುವ ದಿನಾಂಕ	28-03-2025 ರಂದು ಸಂಜೆ 4-00 ಗಂಟೆಯವರೆಗೆ
CAT-2A: 19880, 20542 CAT-1: 17791 Call-2
ಟೆಂಡರ್ ಪ್ರಕಟಣೆ ದಿನಾಂಕ	05-04-2025 ರಂದು ಸಂಜೆ 11-30 ಗಂಟೆಯವರೆಗೆ
ಟೆಂಡರ್ ಸಲ್ಲಿಸಲು ಕೊನೆಯ ದಿನಾಂಕ	07-04-2025 ರಂದು ಸಂಜೆ 4-00 ಗಂಟೆಯವರೆಗೆ
ತಾಂತ್ರಿಕ ಬಿಡ್ ತೆರೆಯುವ ದಿನಾಂಕ	09-04-2025 ರಂದು ಸಂಜೆ 4-00 ಗಂಟೆಯವರೆಗೆ
ಆರ್ಥಿಕ ಬಿಡ್ ತೆರೆಯುವ ದಿನಾಂಕ	11-04-2025 ರಂದು ಸಂಜೆ 4-00 ಗಂಟೆಯವರೆಗೆ
ಕಾರ್ಯನಿರ್ವಾಹಕ ಇಂಜಿನಿಯರ್, ಲೋಕೋಪಯೋಗಿ ಇಲಾಖೆ, ಬಾಗಲಕೋಟ
